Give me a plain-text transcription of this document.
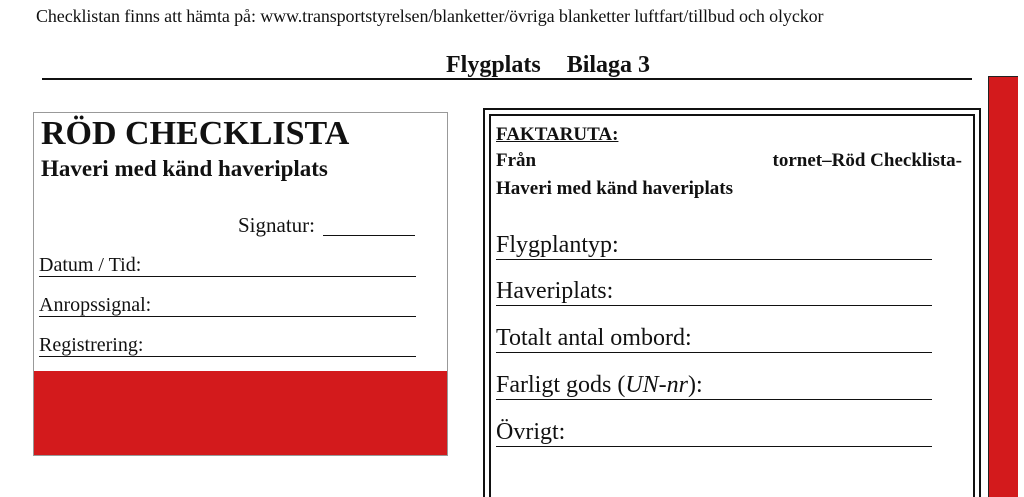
Checklistan finns att hämta på: www.transportstyrelsen/blanketter/övriga blanketter luftfart/tillbud och olyckor
Flygplats Bilaga 3
RÖD CHECKLISTA
Haveri med känd haveriplats
Signatur:
Datum / Tid:
Anropssignal:
Registrering:
FAKTARUTA:
Från	tornet–Röd Checklista-
Haveri med känd haveriplats
Flygplantyp:
Haveriplats:
Totalt antal ombord:
Farligt gods (UN-nr):
Övrigt:
